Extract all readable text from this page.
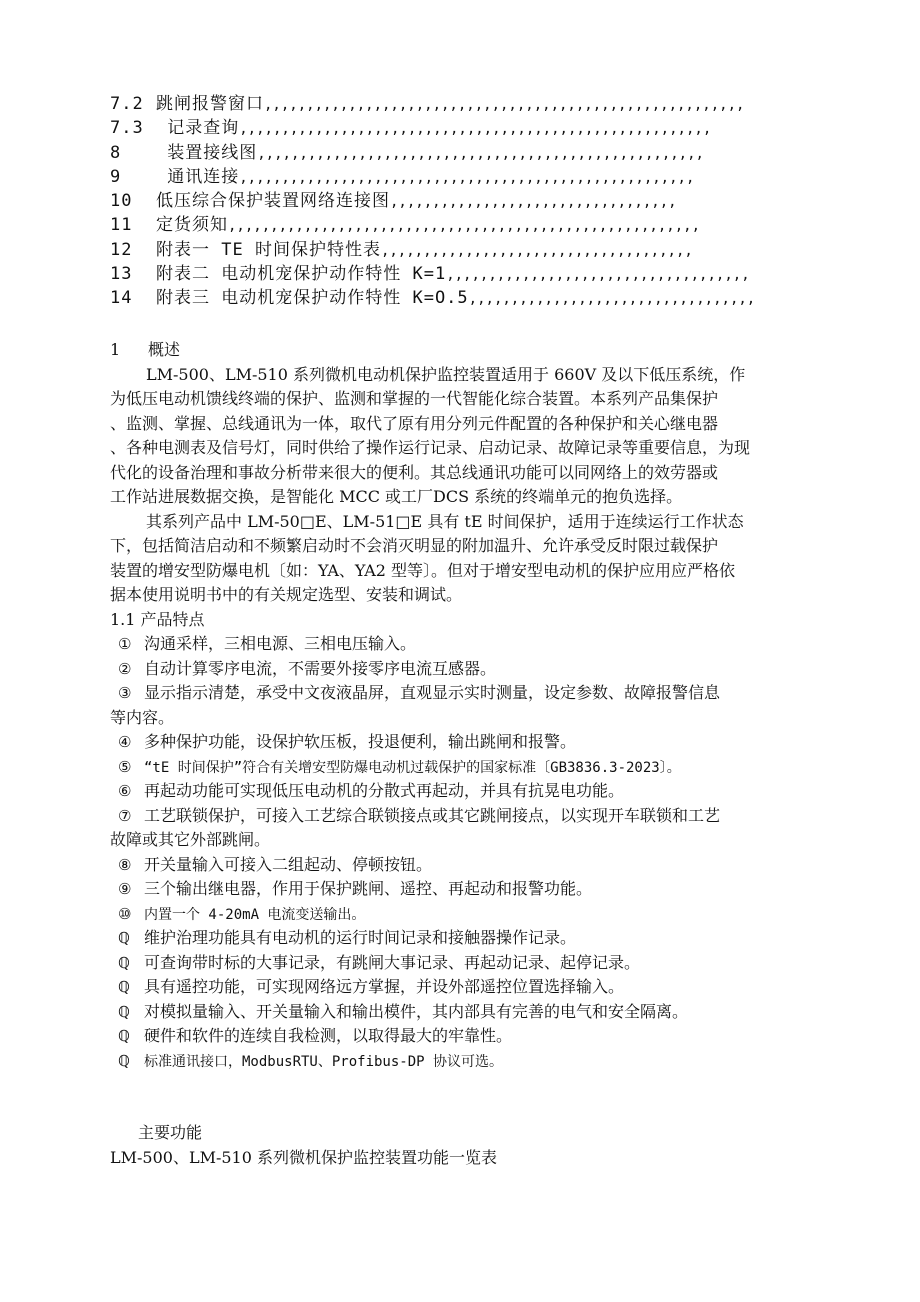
7.2 跳闸报警窗口,,,,,,,,,,,,,,,,,,,,,,,,,,,,,,,,,,,,,,,,,,,,,,,,,,,,,,,,,
7.3 记录查询,,,,,,,,,,,,,,,,,,,,,,,,,,,,,,,,,,,,,,,,,,,,,,,,,,,,,,,,
8 装置接线图,,,,,,,,,,,,,,,,,,,,,,,,,,,,,,,,,,,,,,,,,,,,,,,,,,,,,
9 通讯连接,,,,,,,,,,,,,,,,,,,,,,,,,,,,,,,,,,,,,,,,,,,,,,,,,,,,,,
10 低压综合保护装置网络连接图,,,,,,,,,,,,,,,,,,,,,,,,,,,,,,,,,,
11 定货须知,,,,,,,,,,,,,,,,,,,,,,,,,,,,,,,,,,,,,,,,,,,,,,,,,,,,,,,,
12 附表一 TE 时间保护特性表,,,,,,,,,,,,,,,,,,,,,,,,,,,,,,,,,,,,,
13 附表二 电动机宠保护动作特性 K=1,,,,,,,,,,,,,,,,,,,,,,,,,,,,,,,,,,,,
14 附表三 电动机宠保护动作特性 K=O.5,,,,,,,,,,,,,,,,,,,,,,,,,,,,,,,,,,
1 概述
LM-500、LM-510 系列微机电动机保护监控装置适用于 660V 及以下低压系统，作
为低压电动机馈线终端的保护、监测和掌握的一代智能化综合装置。本系列产品集保护
、监测、掌握、总线通讯为一体，取代了原有用分列元件配置的各种保护和关心继电器
、各种电测表及信号灯，同时供给了操作运行记录、启动记录、故障记录等重要信息，为现
代化的设备治理和事故分析带来很大的便利。其总线通讯功能可以同网络上的效劳器或
工作站进展数据交换，是智能化 MCC 或工厂DCS 系统的终端单元的抱负选择。
其系列产品中 LM-50□E、LM-51□E 具有 tE 时间保护，适用于连续运行工作状态
下，包括简洁启动和不频繁启动时不会消灭明显的附加温升、允许承受反时限过载保护
装置的增安型防爆电机〔如：YA、YA2 型等〕。但对于增安型电动机的保护应用应严格依
据本使用说明书中的有关规定选型、安装和调试。
1.1 产品特点
① 沟通采样，三相电源、三相电压输入。
② 自动计算零序电流，不需要外接零序电流互感器。
③ 显示指示清楚，承受中文夜液晶屏，直观显示实时测量，设定参数、故障报警信息
等内容。
④ 多种保护功能，设保护软压板，投退便利，输出跳闸和报警。
⑤ “tE 时间保护”符合有关增安型防爆电动机过载保护的国家标准〔GB3836.3-2023〕。
⑥ 再起动功能可实现低压电动机的分散式再起动，并具有抗晃电功能。
⑦ 工艺联锁保护，可接入工艺综合联锁接点或其它跳闸接点，以实现开车联锁和工艺
故障或其它外部跳闸。
⑧ 开关量输入可接入二组起动、停顿按钮。
⑨ 三个输出继电器，作用于保护跳闸、遥控、再起动和报警功能。
⑩ 内置一个 4-20mA 电流变送输出。
ℚ 维护治理功能具有电动机的运行时间记录和接触器操作记录。
ℚ 可查询带时标的大事记录，有跳闸大事记录、再起动记录、起停记录。
ℚ 具有遥控功能，可实现网络远方掌握，并设外部遥控位置选择输入。
ℚ 对模拟量输入、开关量输入和输出模件，其内部具有完善的电气和安全隔离。
ℚ 硬件和软件的连续自我检测，以取得最大的牢靠性。
ℚ 标准通讯接口，ModbusRTU、Profibus-DP 协议可选。
主要功能
LM-500、LM-510 系列微机保护监控装置功能一览表
